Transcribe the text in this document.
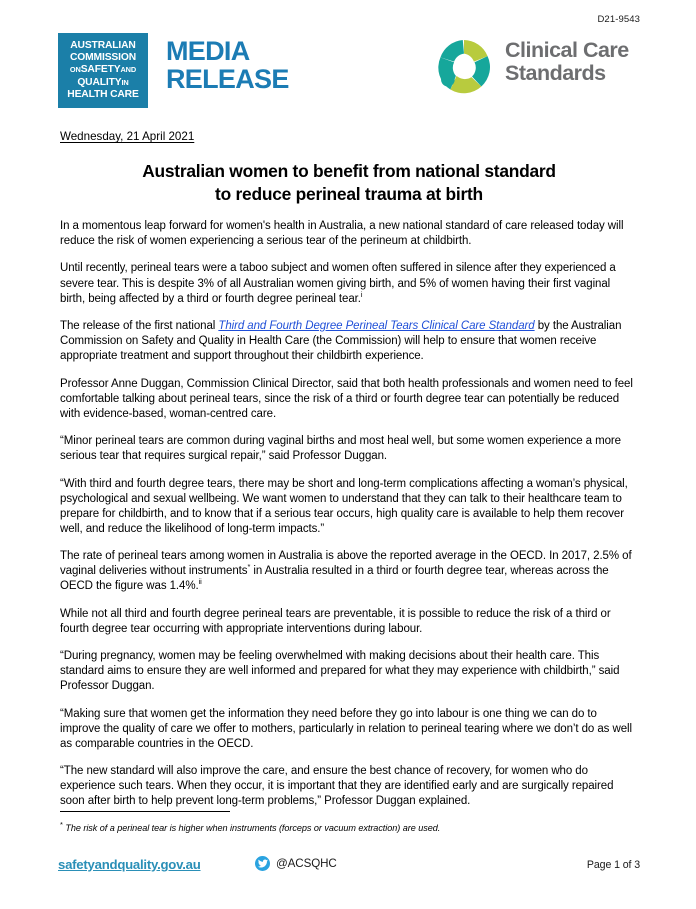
D21-9543
AUSTRALIAN
COMMISSION
ONSAFETYAND
QUALITYIN
HEALTH CARE
MEDIA
RELEASE
Clinical Care
Standards
Wednesday, 21 April 2021
Australian women to benefit from national standard
to reduce perineal trauma at birth

In a momentous leap forward for women's health in Australia, a new national standard of care released today will reduce the risk of women experiencing a serious tear of the perineum at childbirth.

Until recently, perineal tears were a taboo subject and women often suffered in silence after they experienced a severe tear. This is despite 3% of all Australian women giving birth, and 5% of women having their first vaginal birth, being affected by a third or fourth degree perineal tear.$^i$

The release of the first national Third and Fourth Degree Perineal Tears Clinical Care Standard by the Australian Commission on Safety and Quality in Health Care (the Commission) will help to ensure that women receive appropriate treatment and support throughout their childbirth experience.

Professor Anne Duggan, Commission Clinical Director, said that both health professionals and women need to feel comfortable talking about perineal tears, since the risk of a third or fourth degree tear can potentially be reduced with evidence-based, woman-centred care.

“Minor perineal tears are common during vaginal births and most heal well, but some women experience a more serious tear that requires surgical repair,” said Professor Duggan.

“With third and fourth degree tears, there may be short and long-term complications affecting a woman’s physical, psychological and sexual wellbeing. We want women to understand that they can talk to their healthcare team to prepare for childbirth, and to know that if a serious tear occurs, high quality care is available to help them recover well, and reduce the likelihood of long-term impacts.”

The rate of perineal tears among women in Australia is above the reported average in the OECD. In 2017, 2.5% of vaginal deliveries without instruments* in Australia resulted in a third or fourth degree tear, whereas across the OECD the figure was 1.4%.$^{ii}$

While not all third and fourth degree perineal tears are preventable, it is possible to reduce the risk of a third or fourth degree tear occurring with appropriate interventions during labour.

“During pregnancy, women may be feeling overwhelmed with making decisions about their health care. This standard aims to ensure they are well informed and prepared for what they may experience with childbirth,” said Professor Duggan.

“Making sure that women get the information they need before they go into labour is one thing we can do to improve the quality of care we offer to mothers, particularly in relation to perineal tearing where we don’t do as well as comparable countries in the OECD.

“The new standard will also improve the care, and ensure the best chance of recovery, for women who do experience such tears. When they occur, it is important that they are identified early and are surgically repaired soon after birth to help prevent long-term problems,” Professor Duggan explained.

* The risk of a perineal tear is higher when instruments (forceps or vacuum extraction) are used.
safetyandquality.gov.au	@ACSQHC	Page 1 of 3
